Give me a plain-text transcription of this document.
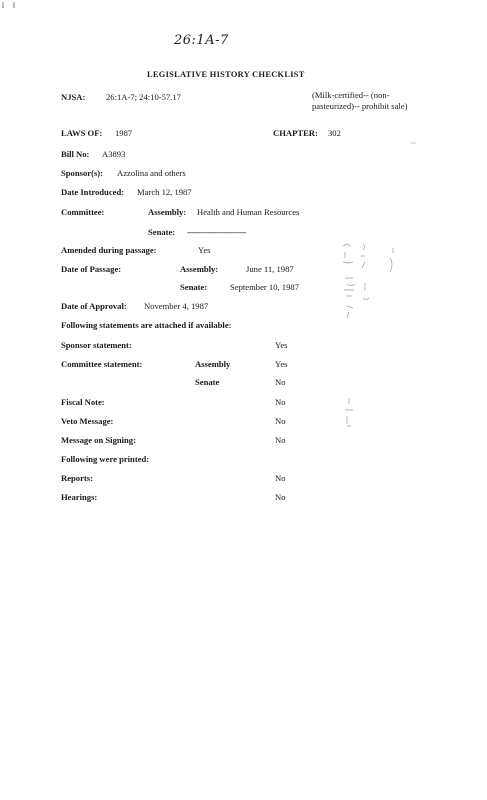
26:1A-7
LEGISLATIVE HISTORY CHECKLIST
NJSA: 26:1A-7; 24:10-57.17	(Milk-certified-- (non-pasteurized)-- prohibit sale)
LAWS OF: 1987	CHAPTER: 302
Bill No: A3893
Sponsor(s): Azzolina and others
Date Introduced: March 12, 1987
Committee:	Assembly: Health and Human Resources
Senate: --------------------------
Amended during passage:	Yes
Date of Passage:	Assembly:	June 11, 1987
Senate:	September 10, 1987
Date of Approval: November 4, 1987
Following statements are attached if available:
Sponsor statement:	Yes
Committee statement:	Assembly	Yes
Senate	No
Fiscal Note:	No
Veto Message:	No
Message on Signing:	No
Following were printed:
Reports:	No
Hearings:	No
